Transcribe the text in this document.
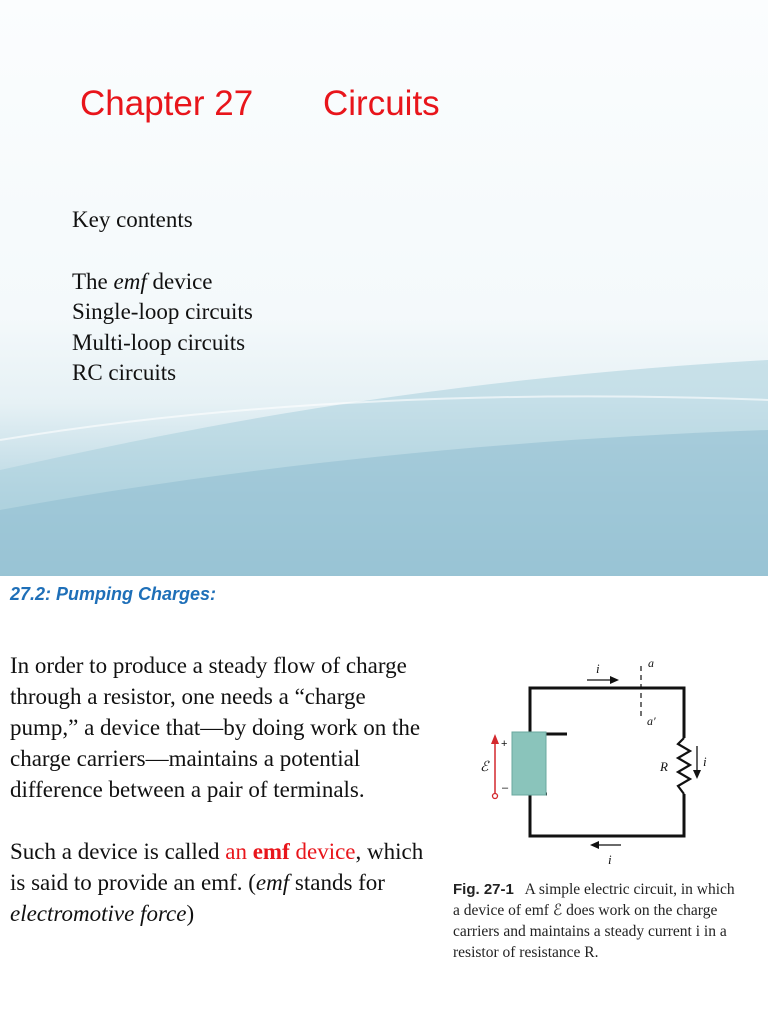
Chapter 27 Circuits
Key contents
The emf device
Single-loop circuits
Multi-loop circuits
RC circuits
27.2: Pumping Charges:

In order to produce a steady flow of charge through a resistor, one needs a “charge pump,” a device that—by doing work on the charge carriers—maintains a potential difference between a pair of terminals.

Such a device is called an emf device, which is said to provide an emf. (emf stands for electromotive force)

i	a
a′
ℰ
+
–
R	i
i
Fig. 27-1 A simple electric circuit, in which a device of emf ℰ does work on the charge carriers and maintains a steady current i in a resistor of resistance R.
